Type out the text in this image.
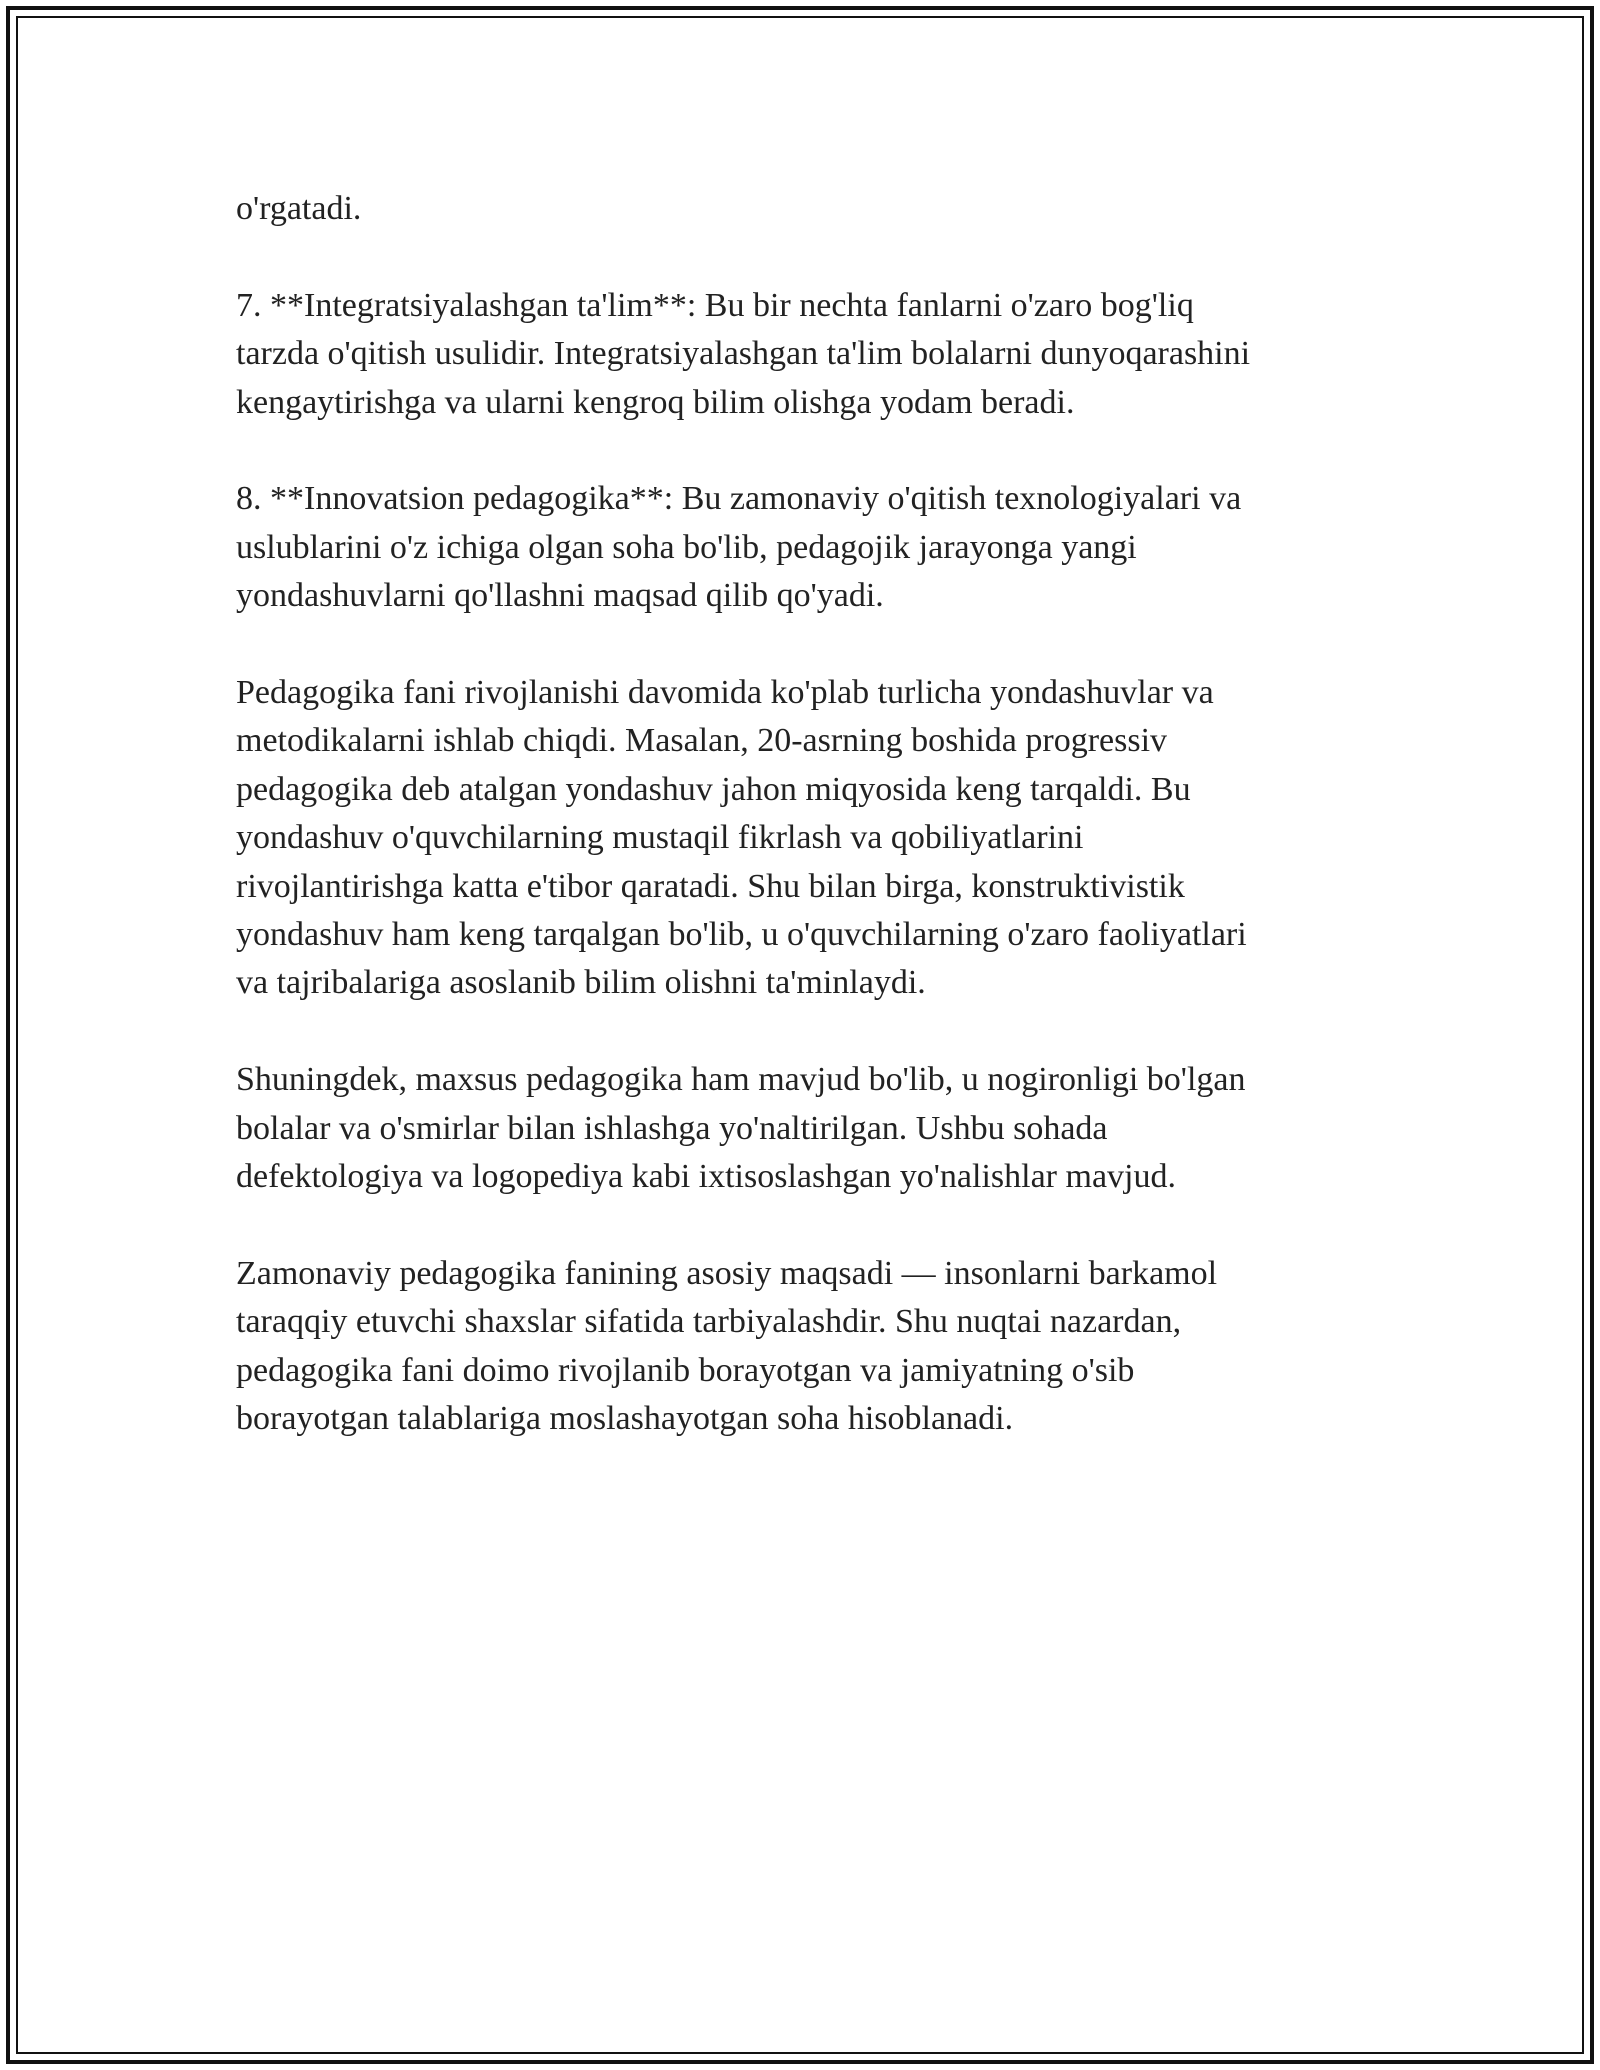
o'rgatadi.

7. **Integratsiyalashgan ta'lim**: Bu bir nechta fanlarni o'zaro bog'liq
tarzda o'qitish usulidir. Integratsiyalashgan ta'lim bolalarni dunyoqarashini
kengaytirishga va ularni kengroq bilim olishga yodam beradi.

8. **Innovatsion pedagogika**: Bu zamonaviy o'qitish texnologiyalari va
uslublarini o'z ichiga olgan soha bo'lib, pedagojik jarayonga yangi
yondashuvlarni qo'llashni maqsad qilib qo'yadi.

Pedagogika fani rivojlanishi davomida ko'plab turlicha yondashuvlar va
metodikalarni ishlab chiqdi. Masalan, 20-asrning boshida progressiv
pedagogika deb atalgan yondashuv jahon miqyosida keng tarqaldi. Bu
yondashuv o'quvchilarning mustaqil fikrlash va qobiliyatlarini
rivojlantirishga katta e'tibor qaratadi. Shu bilan birga, konstruktivistik
yondashuv ham keng tarqalgan bo'lib, u o'quvchilarning o'zaro faoliyatlari
va tajribalariga asoslanib bilim olishni ta'minlaydi.

Shuningdek, maxsus pedagogika ham mavjud bo'lib, u nogironligi bo'lgan
bolalar va o'smirlar bilan ishlashga yo'naltirilgan. Ushbu sohada
defektologiya va logopediya kabi ixtisoslashgan yo'nalishlar mavjud.

Zamonaviy pedagogika fanining asosiy maqsadi — insonlarni barkamol
taraqqiy etuvchi shaxslar sifatida tarbiyalashdir. Shu nuqtai nazardan,
pedagogika fani doimo rivojlanib borayotgan va jamiyatning o'sib
borayotgan talablariga moslashayotgan soha hisoblanadi.
